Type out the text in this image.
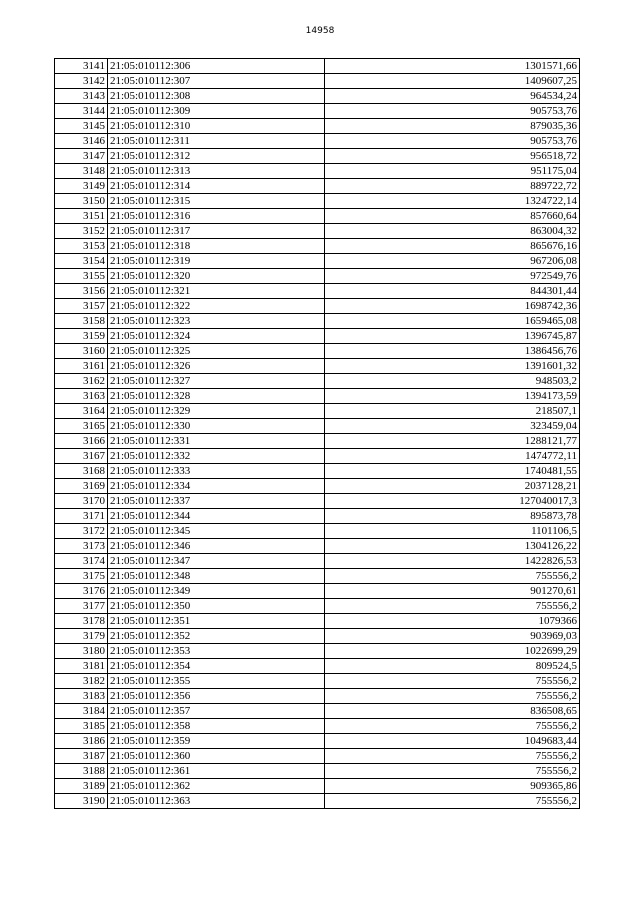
14958
3141	21:05:010112:306	1301571,66
3142	21:05:010112:307	1409607,25
3143	21:05:010112:308	964534,24
3144	21:05:010112:309	905753,76
3145	21:05:010112:310	879035,36
3146	21:05:010112:311	905753,76
3147	21:05:010112:312	956518,72
3148	21:05:010112:313	951175,04
3149	21:05:010112:314	889722,72
3150	21:05:010112:315	1324722,14
3151	21:05:010112:316	857660,64
3152	21:05:010112:317	863004,32
3153	21:05:010112:318	865676,16
3154	21:05:010112:319	967206,08
3155	21:05:010112:320	972549,76
3156	21:05:010112:321	844301,44
3157	21:05:010112:322	1698742,36
3158	21:05:010112:323	1659465,08
3159	21:05:010112:324	1396745,87
3160	21:05:010112:325	1386456,76
3161	21:05:010112:326	1391601,32
3162	21:05:010112:327	948503,2
3163	21:05:010112:328	1394173,59
3164	21:05:010112:329	218507,1
3165	21:05:010112:330	323459,04
3166	21:05:010112:331	1288121,77
3167	21:05:010112:332	1474772,11
3168	21:05:010112:333	1740481,55
3169	21:05:010112:334	2037128,21
3170	21:05:010112:337	127040017,3
3171	21:05:010112:344	895873,78
3172	21:05:010112:345	1101106,5
3173	21:05:010112:346	1304126,22
3174	21:05:010112:347	1422826,53
3175	21:05:010112:348	755556,2
3176	21:05:010112:349	901270,61
3177	21:05:010112:350	755556,2
3178	21:05:010112:351	1079366
3179	21:05:010112:352	903969,03
3180	21:05:010112:353	1022699,29
3181	21:05:010112:354	809524,5
3182	21:05:010112:355	755556,2
3183	21:05:010112:356	755556,2
3184	21:05:010112:357	836508,65
3185	21:05:010112:358	755556,2
3186	21:05:010112:359	1049683,44
3187	21:05:010112:360	755556,2
3188	21:05:010112:361	755556,2
3189	21:05:010112:362	909365,86
3190	21:05:010112:363	755556,2
